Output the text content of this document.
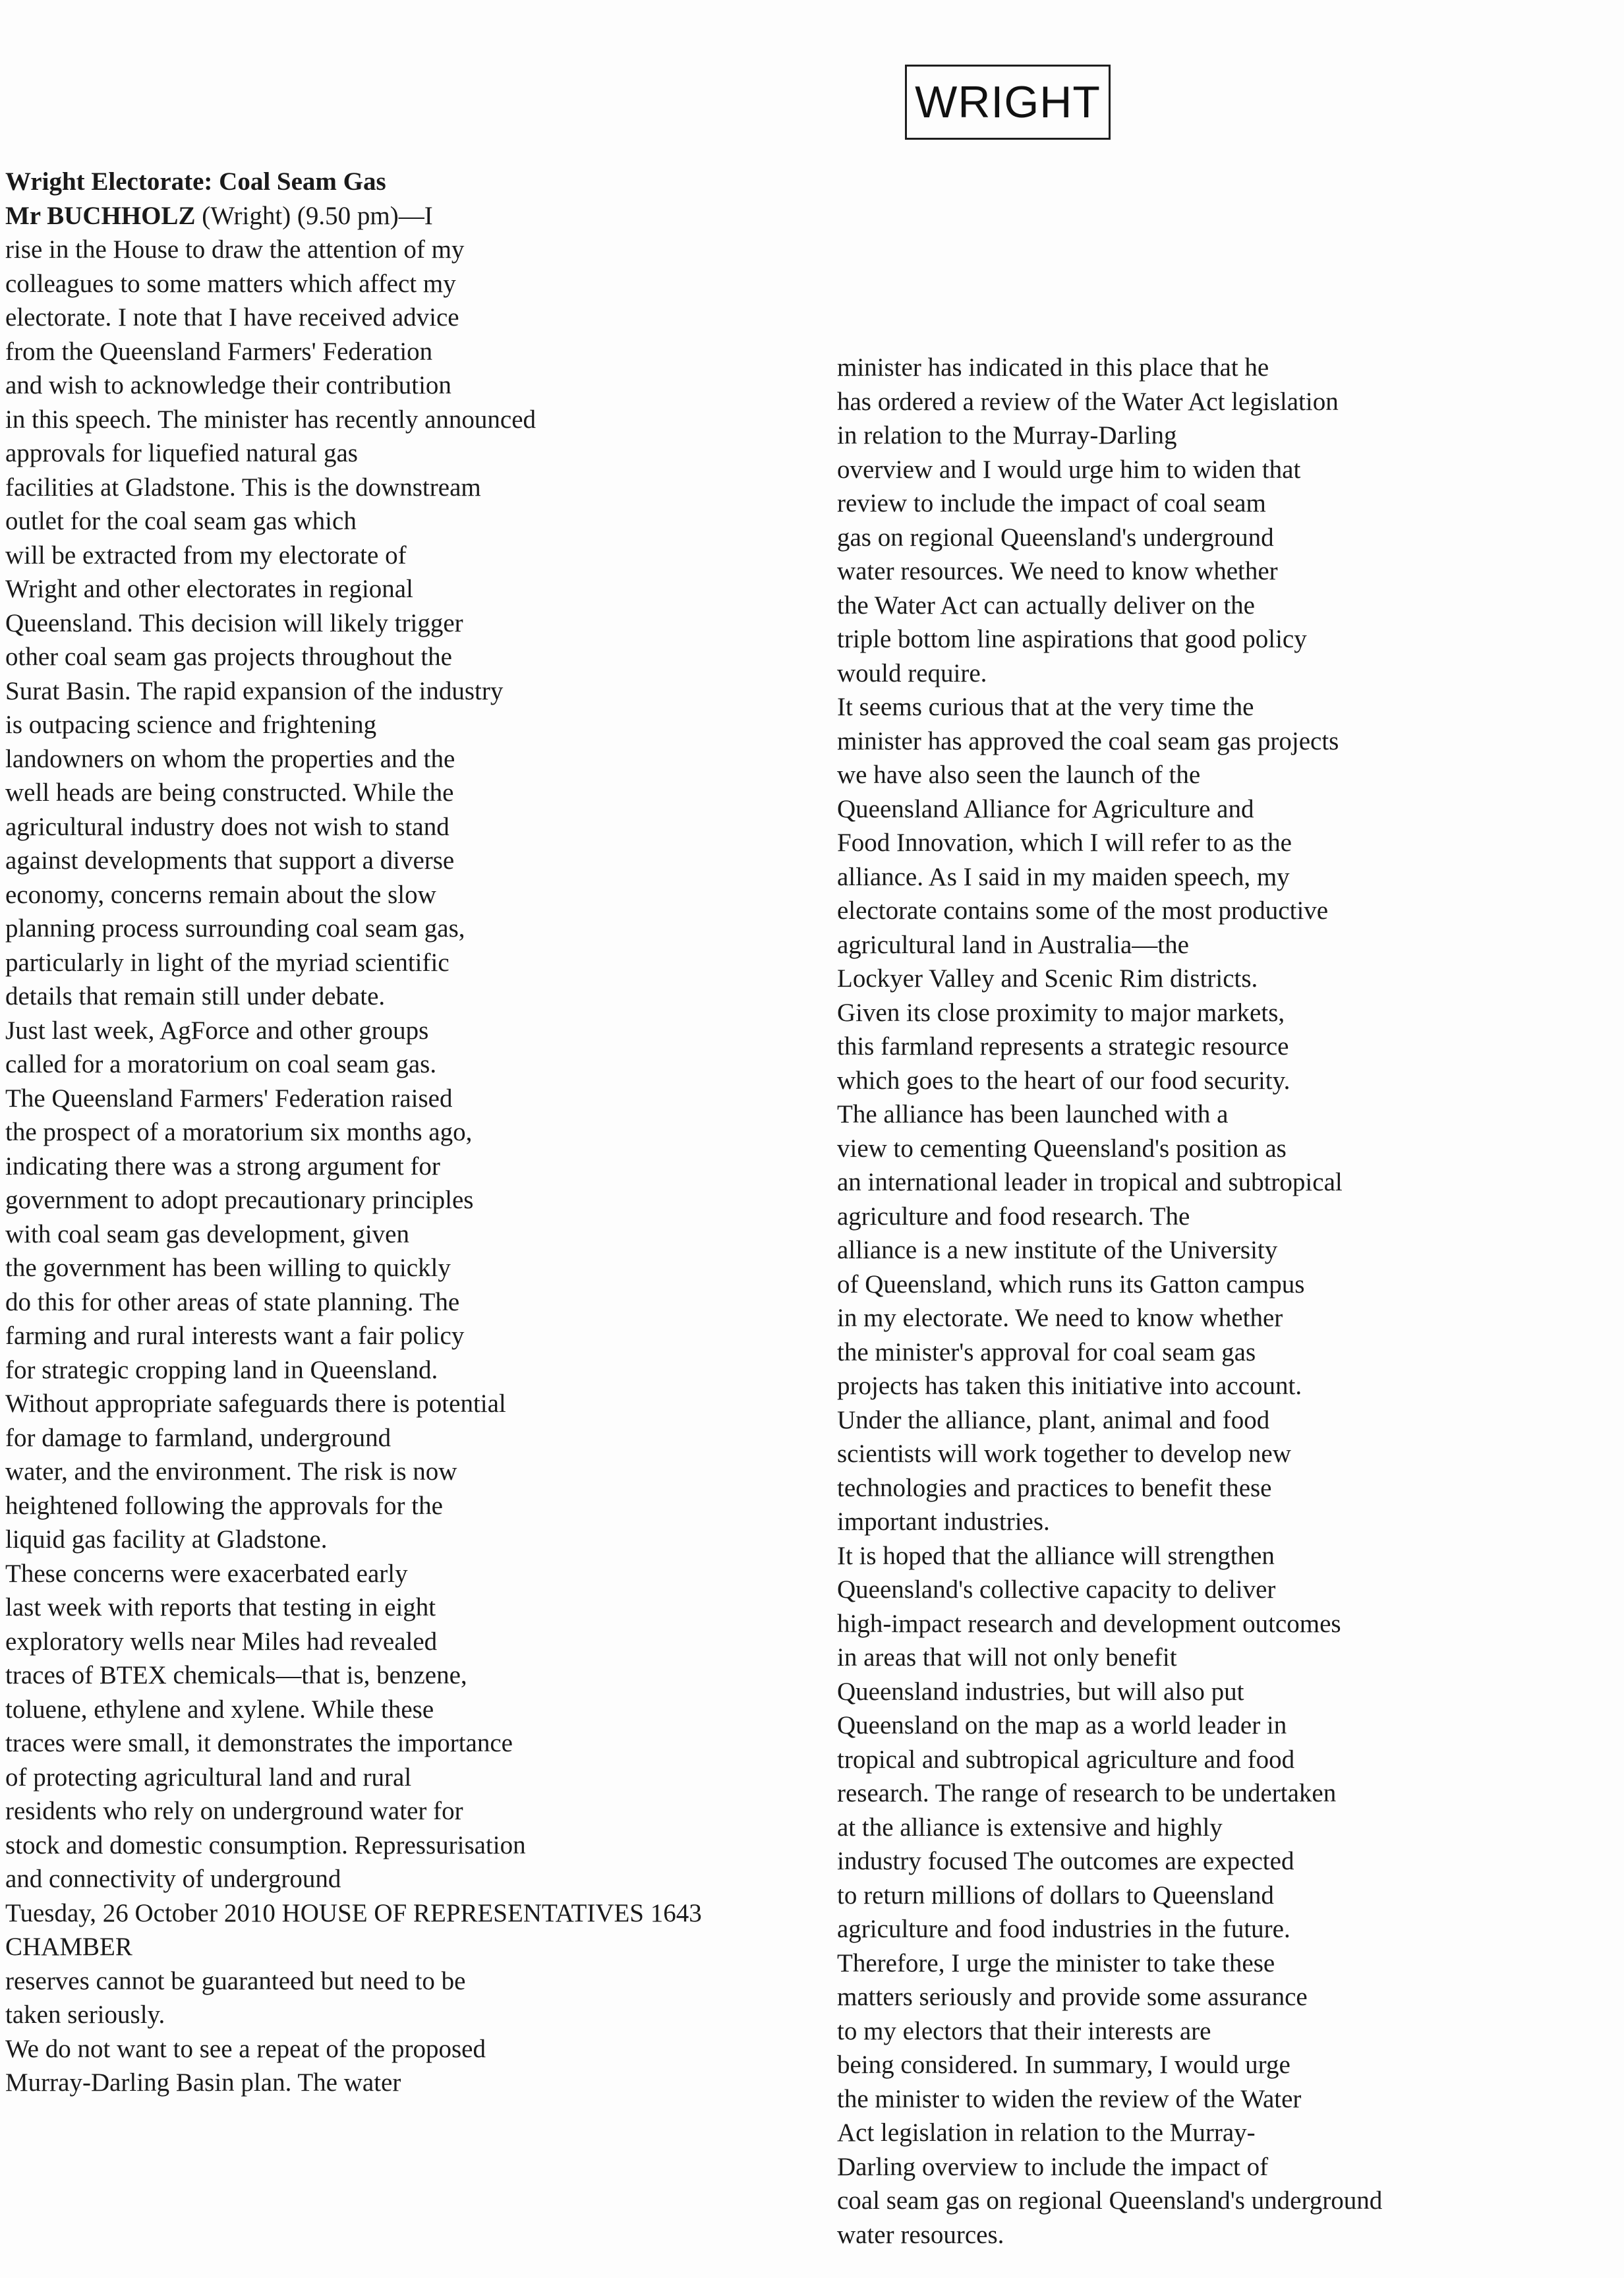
WRIGHT
Wright Electorate: Coal Seam Gas
Mr BUCHHOLZ (Wright) (9.50 pm)—I
rise in the House to draw the attention of my
colleagues to some matters which affect my
electorate. I note that I have received advice
from the Queensland Farmers' Federation
and wish to acknowledge their contribution
in this speech. The minister has recently announced
approvals for liquefied natural gas
facilities at Gladstone. This is the downstream
outlet for the coal seam gas which
will be extracted from my electorate of
Wright and other electorates in regional
Queensland. This decision will likely trigger
other coal seam gas projects throughout the
Surat Basin. The rapid expansion of the industry
is outpacing science and frightening
landowners on whom the properties and the
well heads are being constructed. While the
agricultural industry does not wish to stand
against developments that support a diverse
economy, concerns remain about the slow
planning process surrounding coal seam gas,
particularly in light of the myriad scientific
details that remain still under debate.
Just last week, AgForce and other groups
called for a moratorium on coal seam gas.
The Queensland Farmers' Federation raised
the prospect of a moratorium six months ago,
indicating there was a strong argument for
government to adopt precautionary principles
with coal seam gas development, given
the government has been willing to quickly
do this for other areas of state planning. The
farming and rural interests want a fair policy
for strategic cropping land in Queensland.
Without appropriate safeguards there is potential
for damage to farmland, underground
water, and the environment. The risk is now
heightened following the approvals for the
liquid gas facility at Gladstone.
These concerns were exacerbated early
last week with reports that testing in eight
exploratory wells near Miles had revealed
traces of BTEX chemicals—that is, benzene,
toluene, ethylene and xylene. While these
traces were small, it demonstrates the importance
of protecting agricultural land and rural
residents who rely on underground water for
stock and domestic consumption. Repressurisation
and connectivity of underground
Tuesday, 26 October 2010 HOUSE OF REPRESENTATIVES 1643
CHAMBER
reserves cannot be guaranteed but need to be
taken seriously.
We do not want to see a repeat of the proposed
Murray-Darling Basin plan. The water
minister has indicated in this place that he
has ordered a review of the Water Act legislation
in relation to the Murray-Darling
overview and I would urge him to widen that
review to include the impact of coal seam
gas on regional Queensland's underground
water resources. We need to know whether
the Water Act can actually deliver on the
triple bottom line aspirations that good policy
would require.
It seems curious that at the very time the
minister has approved the coal seam gas projects
we have also seen the launch of the
Queensland Alliance for Agriculture and
Food Innovation, which I will refer to as the
alliance. As I said in my maiden speech, my
electorate contains some of the most productive
agricultural land in Australia—the
Lockyer Valley and Scenic Rim districts.
Given its close proximity to major markets,
this farmland represents a strategic resource
which goes to the heart of our food security.
The alliance has been launched with a
view to cementing Queensland's position as
an international leader in tropical and subtropical
agriculture and food research. The
alliance is a new institute of the University
of Queensland, which runs its Gatton campus
in my electorate. We need to know whether
the minister's approval for coal seam gas
projects has taken this initiative into account.
Under the alliance, plant, animal and food
scientists will work together to develop new
technologies and practices to benefit these
important industries.
It is hoped that the alliance will strengthen
Queensland's collective capacity to deliver
high-impact research and development outcomes
in areas that will not only benefit
Queensland industries, but will also put
Queensland on the map as a world leader in
tropical and subtropical agriculture and food
research. The range of research to be undertaken
at the alliance is extensive and highly
industry focused The outcomes are expected
to return millions of dollars to Queensland
agriculture and food industries in the future.
Therefore, I urge the minister to take these
matters seriously and provide some assurance
to my electors that their interests are
being considered. In summary, I would urge
the minister to widen the review of the Water
Act legislation in relation to the Murray-
Darling overview to include the impact of
coal seam gas on regional Queensland's underground
water resources.
